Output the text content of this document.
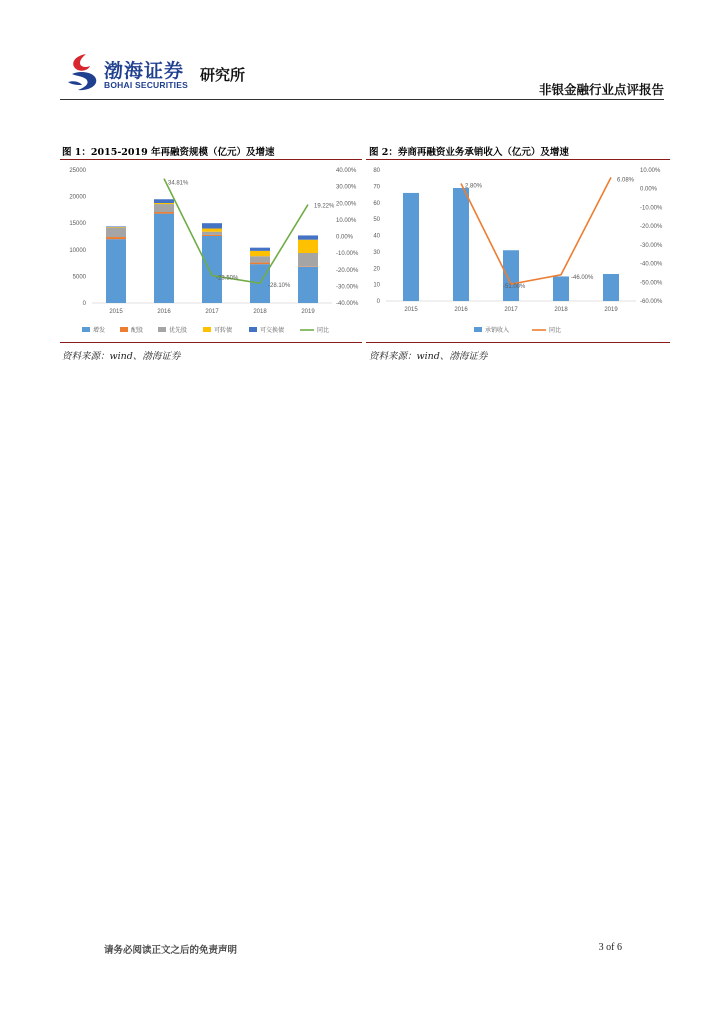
渤海证券
BOHAI SECURITIES
研究所
非银金融行业点评报告
图 1：2015-2019 年再融资规模（亿元）及增速
0
5000
10000
15000
20000
25000
-40.00%
-30.00%
-20.00%
-10.00%
0.00%
10.00%
20.00%
30.00%
40.00%
2015	2016	2017	2018	2019
34.81%
-23.50%
-28.10%
19.22%
增发	配股	优先股	可转债	可交换债	同比
资料来源：wind、渤海证券
图 2：券商再融资业务承销收入（亿元）及增速
0
10
20
30
40
50
60
70
80
-60.00%
-50.00%
-40.00%
-30.00%
-20.00%
-10.00%
0.00%
10.00%
2015	2016	2017	2018	2019
2.80%
-51.00%
-46.00%
6.08%
承销收入	同比
资料来源：wind、渤海证券
请务必阅读正文之后的免责声明	3 of 6
